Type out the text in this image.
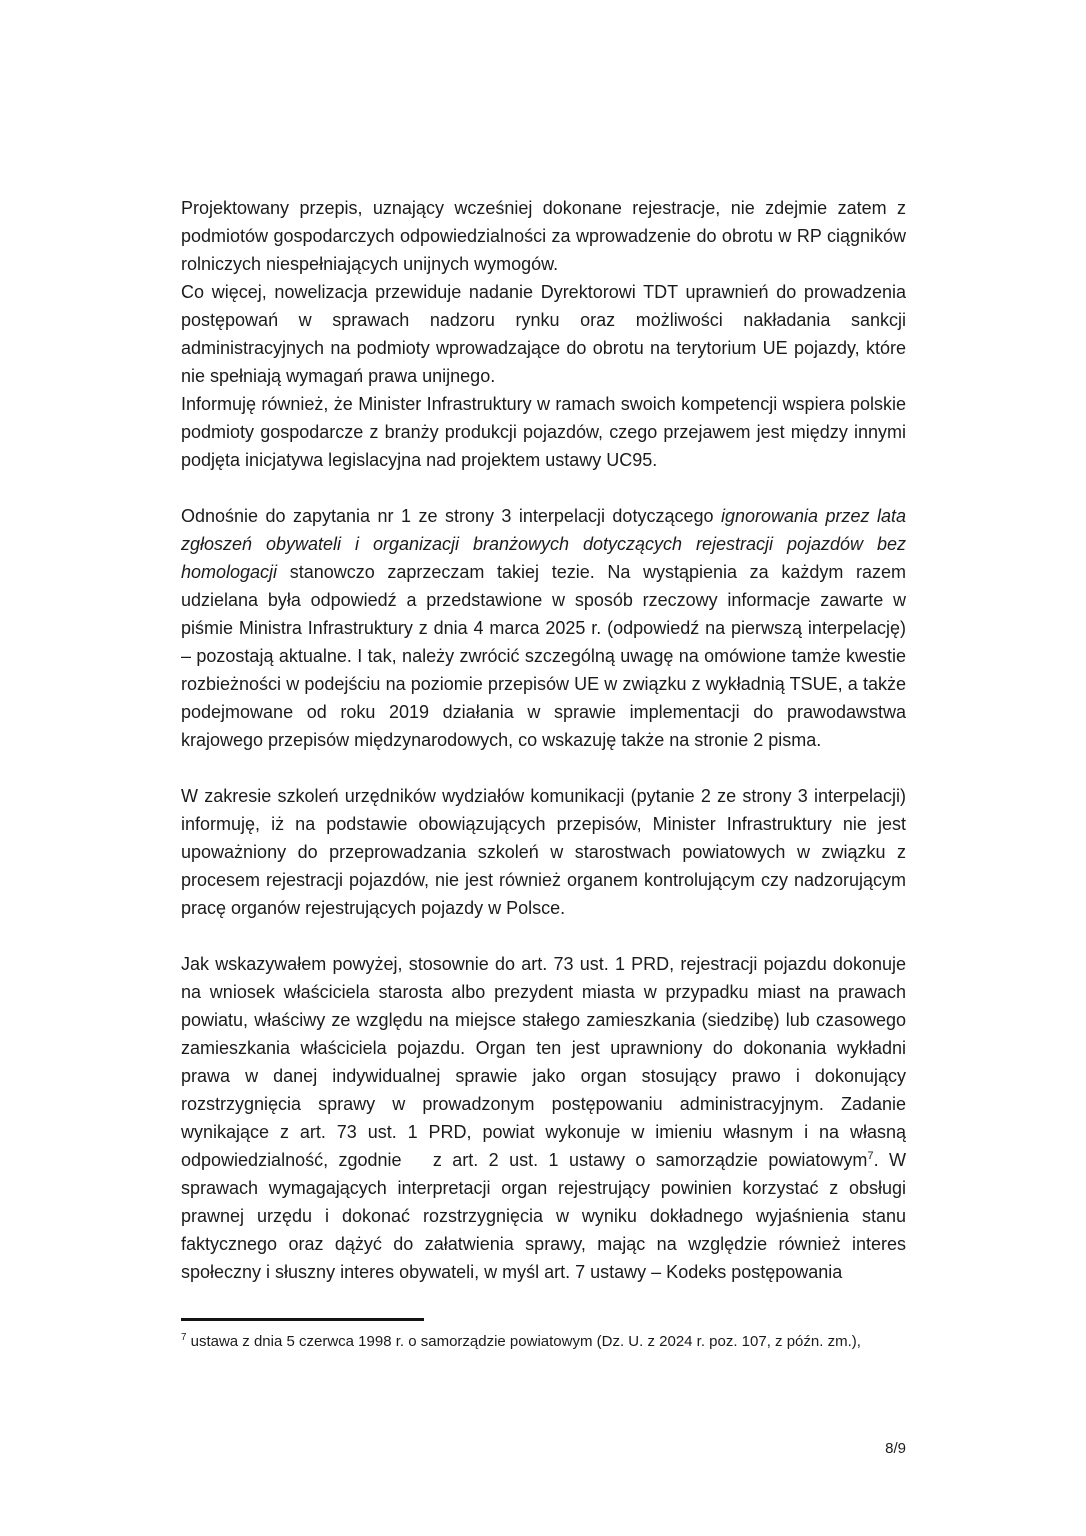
Projektowany przepis, uznający wcześniej dokonane rejestracje, nie zdejmie zatem z podmiotów gospodarczych odpowiedzialności za wprowadzenie do obrotu w RP ciągników rolniczych niespełniających unijnych wymogów.

Co więcej, nowelizacja przewiduje nadanie Dyrektorowi TDT uprawnień do prowadzenia postępowań w sprawach nadzoru rynku oraz możliwości nakładania sankcji administracyjnych na podmioty wprowadzające do obrotu na terytorium UE pojazdy, które nie spełniają wymagań prawa unijnego.

Informuję również, że Minister Infrastruktury w ramach swoich kompetencji wspiera polskie podmioty gospodarcze z branży produkcji pojazdów, czego przejawem jest między innymi podjęta inicjatywa legislacyjna nad projektem ustawy UC95.

Odnośnie do zapytania nr 1 ze strony 3 interpelacji dotyczącego ignorowania przez lata zgłoszeń obywateli i organizacji branżowych dotyczących rejestracji pojazdów bez homologacji stanowczo zaprzeczam takiej tezie. Na wystąpienia za każdym razem udzielana była odpowiedź a przedstawione w sposób rzeczowy informacje zawarte w piśmie Ministra Infrastruktury z dnia 4 marca 2025 r. (odpowiedź na pierwszą interpelację) – pozostają aktualne. I tak, należy zwrócić szczególną uwagę na omówione tamże kwestie rozbieżności w podejściu na poziomie przepisów UE w związku z wykładnią TSUE, a także podejmowane od roku 2019 działania w sprawie implementacji do prawodawstwa krajowego przepisów międzynarodowych, co wskazuję także na stronie 2 pisma.

W zakresie szkoleń urzędników wydziałów komunikacji (pytanie 2 ze strony 3 interpelacji) informuję, iż na podstawie obowiązujących przepisów, Minister Infrastruktury nie jest upoważniony do przeprowadzania szkoleń w starostwach powiatowych w związku z procesem rejestracji pojazdów, nie jest również organem kontrolującym czy nadzorującym pracę organów rejestrujących pojazdy w Polsce.

Jak wskazywałem powyżej, stosownie do art. 73 ust. 1 PRD, rejestracji pojazdu dokonuje na wniosek właściciela starosta albo prezydent miasta w przypadku miast na prawach powiatu, właściwy ze względu na miejsce stałego zamieszkania (siedzibę) lub czasowego zamieszkania właściciela pojazdu. Organ ten jest uprawniony do dokonania wykładni prawa w danej indywidualnej sprawie jako organ stosujący prawo i dokonujący rozstrzygnięcia sprawy w prowadzonym postępowaniu administracyjnym. Zadanie wynikające z art. 73 ust. 1 PRD, powiat wykonuje w imieniu własnym i na własną odpowiedzialność, zgodnie   z art. 2 ust. 1 ustawy o samorządzie powiatowym$^7$. W sprawach wymagających interpretacji organ rejestrujący powinien korzystać z obsługi prawnej urzędu i dokonać rozstrzygnięcia w wyniku dokładnego wyjaśnienia stanu faktycznego oraz dążyć do załatwienia sprawy, mając na względzie również interes społeczny i słuszny interes obywateli, w myśl art. 7 ustawy – Kodeks postępowania

$^7$ ustawa z dnia 5 czerwca 1998 r. o samorządzie powiatowym (Dz. U. z 2024 r. poz. 107, z późn. zm.),

8/9
